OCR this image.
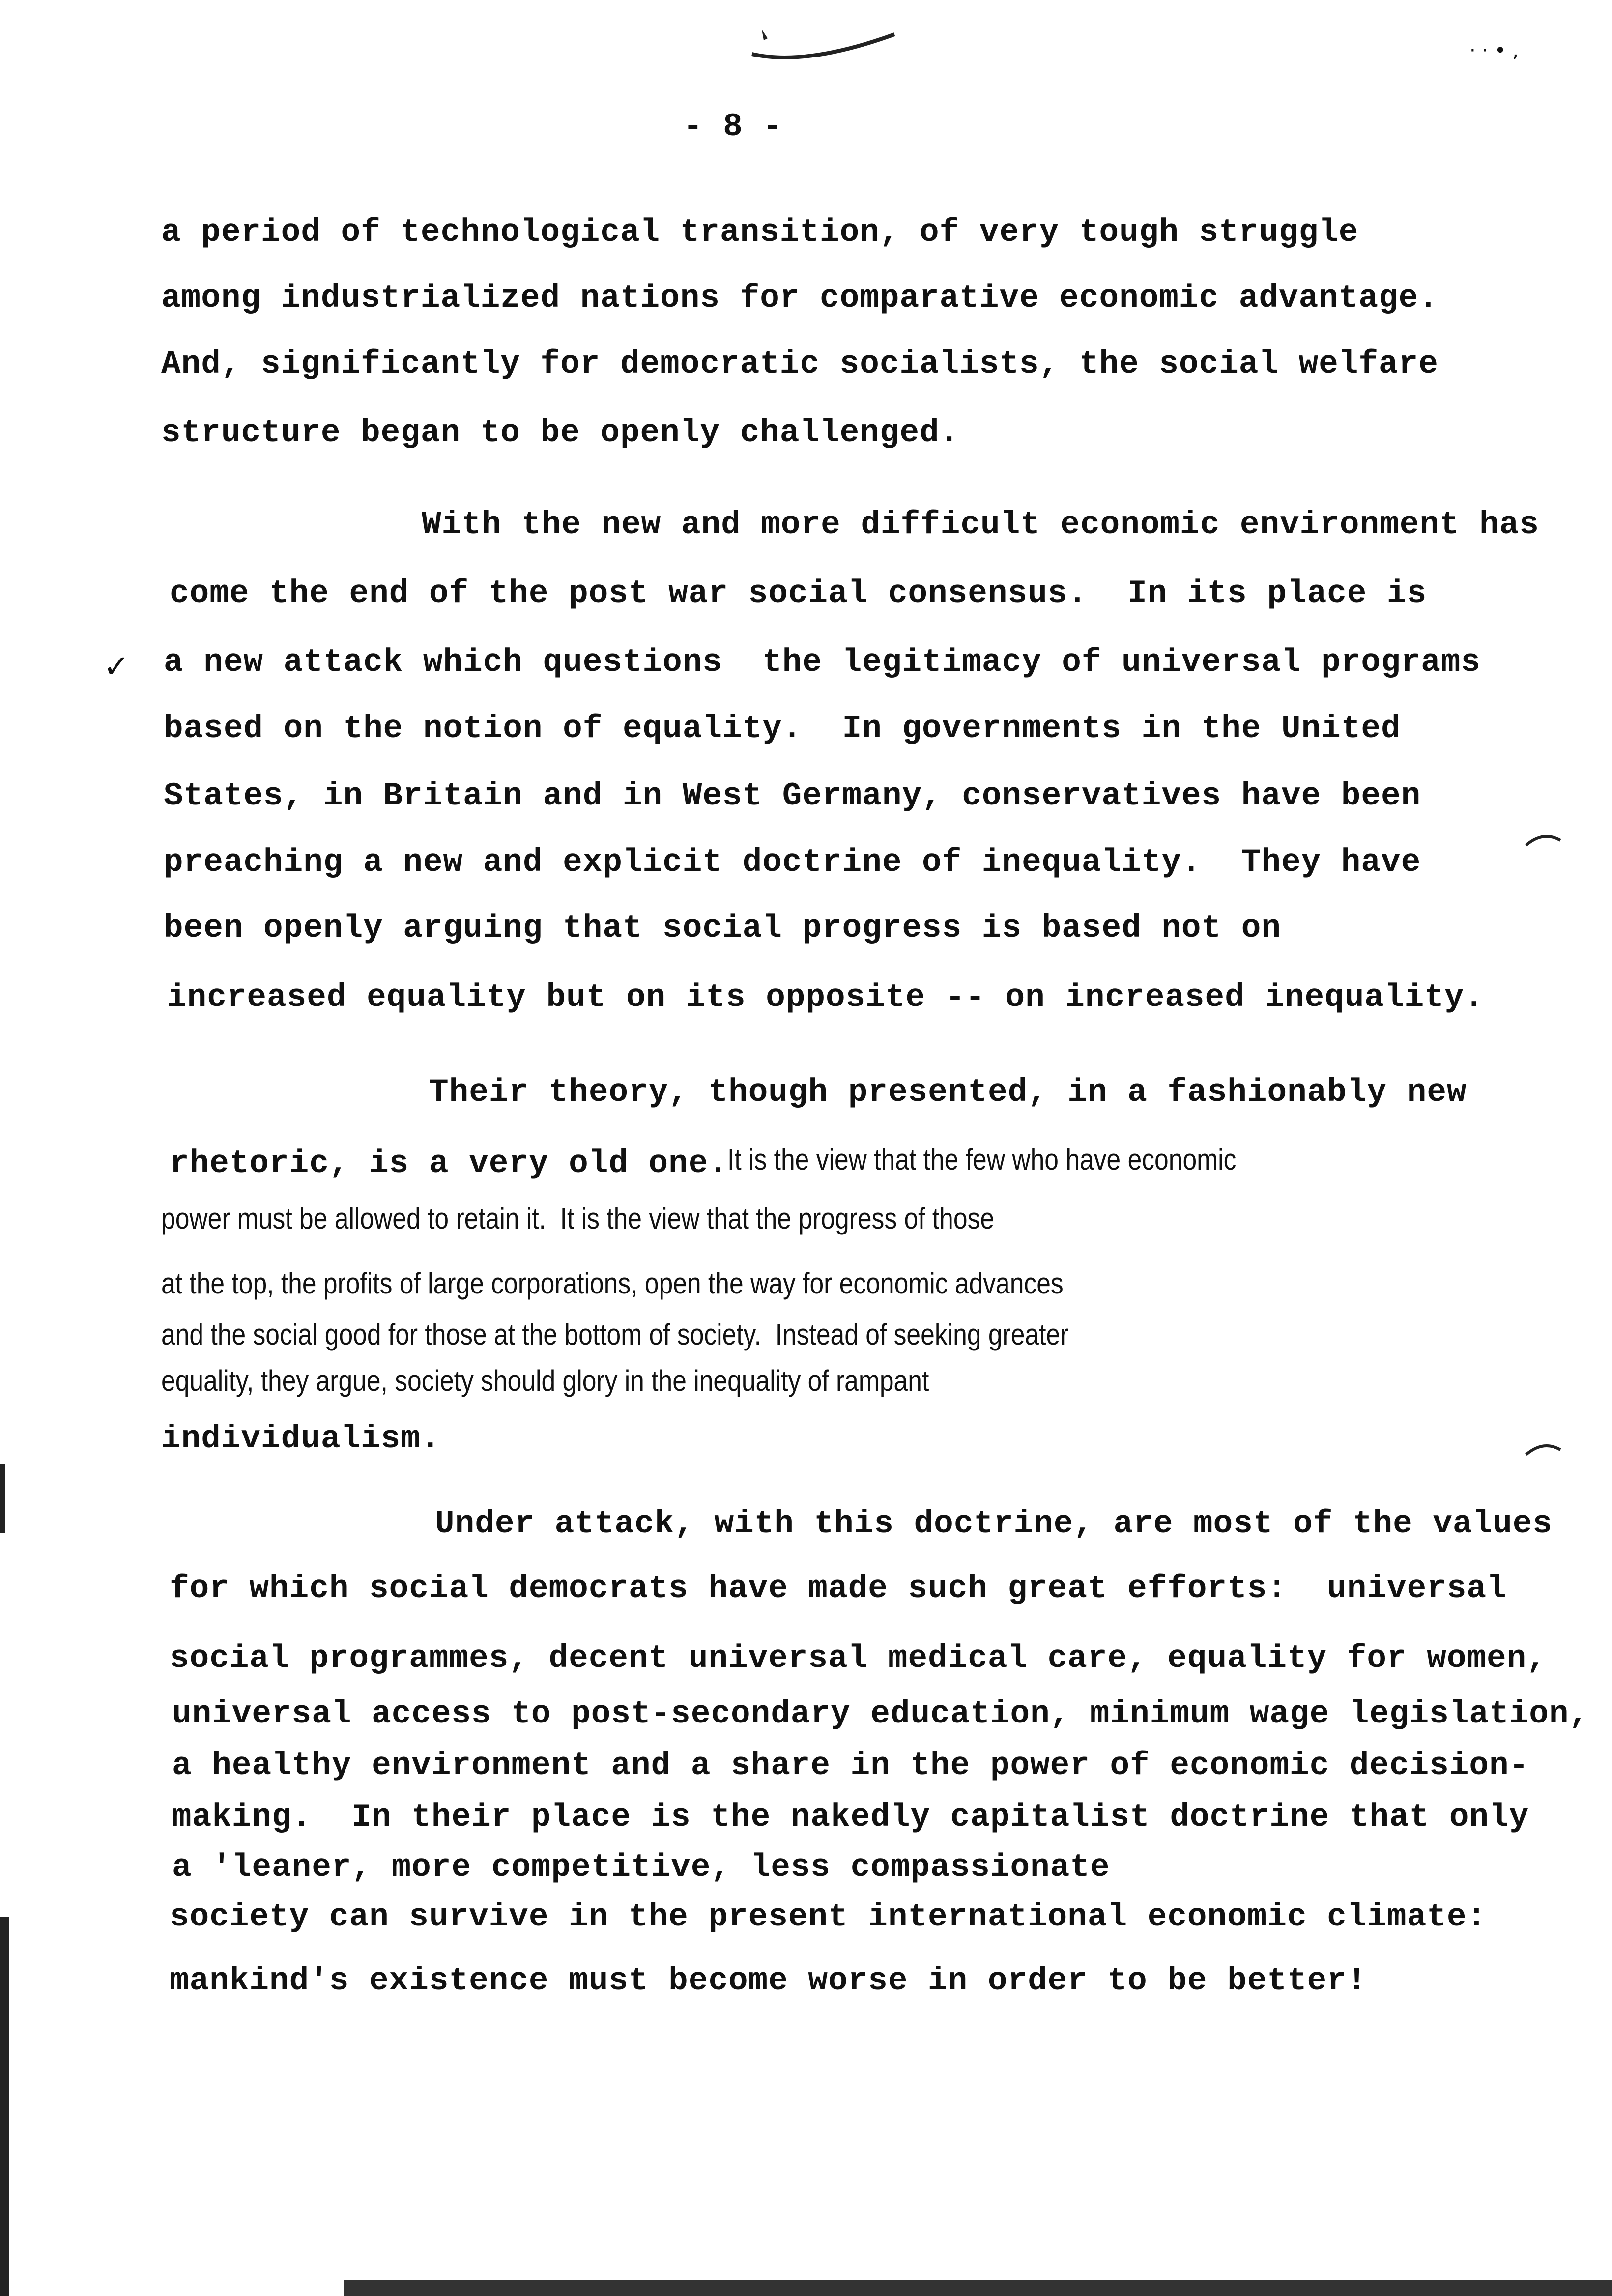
· · • ,
- 8 -
✓
a period of technological transition, of very tough struggle
among industrialized nations for comparative economic advantage.
And, significantly for democratic socialists, the social welfare
structure began to be openly challenged.
With the new and more difficult economic environment has
come the end of the post war social consensus.  In its place is
a new attack which questions  the legitimacy of universal programs
based on the notion of equality.  In governments in the United
States, in Britain and in West Germany, conservatives have been
preaching a new and explicit doctrine of inequality.  They have
been openly arguing that social progress is based not on
increased equality but on its opposite -- on increased inequality.
Their theory, though presented, in a fashionably new
rhetoric, is a very old one.
It is the view that the few who have economic
power must be allowed to retain it.  It is the view that the progress of those
at the top, the profits of large corporations, open the way for economic advances
and the social good for those at the bottom of society.  Instead of seeking greater
equality, they argue, society should glory in the inequality of rampant
individualism.
Under attack, with this doctrine, are most of the values
for which social democrats have made such great efforts:  universal
social programmes, decent universal medical care, equality for women,
universal access to post-secondary education, minimum wage legislation,
a healthy environment and a share in the power of economic decision-
making.  In their place is the nakedly capitalist doctrine that only
a 'leaner, more competitive, less compassionate
society can survive in the present international economic climate:
mankind's existence must become worse in order to be better!
